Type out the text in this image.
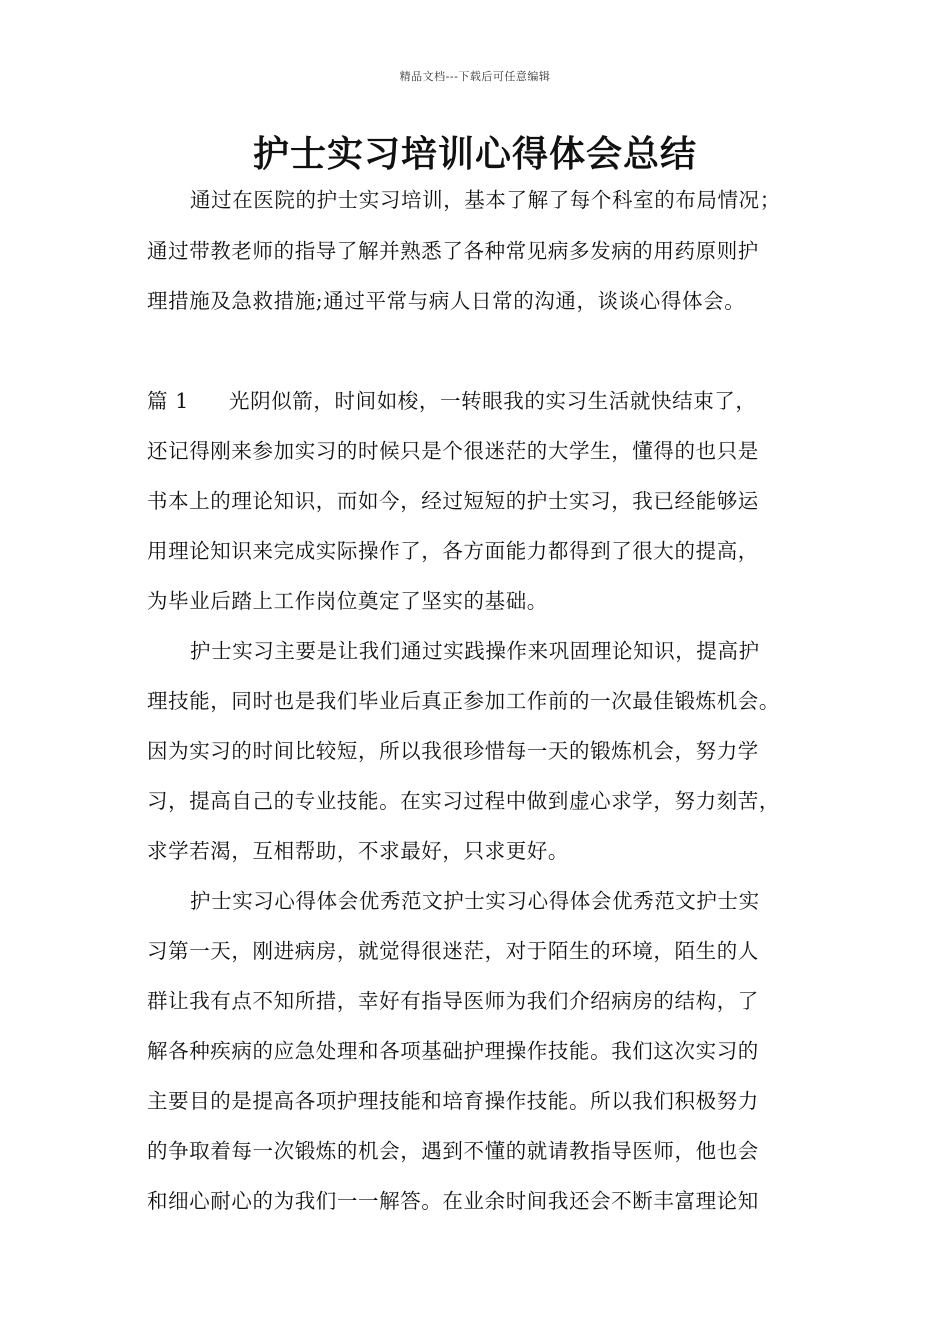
精品文档---下载后可任意编辑
护士实习培训心得体会总结
通过在医院的护士实习培训，基本了解了每个科室的布局情况；
通过带教老师的指导了解并熟悉了各种常见病多发病的用药原则护
理措施及急救措施;通过平常与病人日常的沟通，谈谈心得体会。
篇 1 光阴似箭，时间如梭，一转眼我的实习生活就快结束了，
还记得刚来参加实习的时候只是个很迷茫的大学生，懂得的也只是
书本上的理论知识，而如今，经过短短的护士实习，我已经能够运
用理论知识来完成实际操作了，各方面能力都得到了很大的提高，
为毕业后踏上工作岗位奠定了坚实的基础。
护士实习主要是让我们通过实践操作来巩固理论知识，提高护
理技能，同时也是我们毕业后真正参加工作前的一次最佳锻炼机会。
因为实习的时间比较短，所以我很珍惜每一天的锻炼机会，努力学
习，提高自己的专业技能。在实习过程中做到虚心求学，努力刻苦，
求学若渴，互相帮助，不求最好，只求更好。
护士实习心得体会优秀范文护士实习心得体会优秀范文护士实
习第一天，刚进病房，就觉得很迷茫，对于陌生的环境，陌生的人
群让我有点不知所措，幸好有指导医师为我们介绍病房的结构，了
解各种疾病的应急处理和各项基础护理操作技能。我们这次实习的
主要目的是提高各项护理技能和培育操作技能。所以我们积极努力
的争取着每一次锻炼的机会，遇到不懂的就请教指导医师，他也会
和细心耐心的为我们一一解答。在业余时间我还会不断丰富理论知
